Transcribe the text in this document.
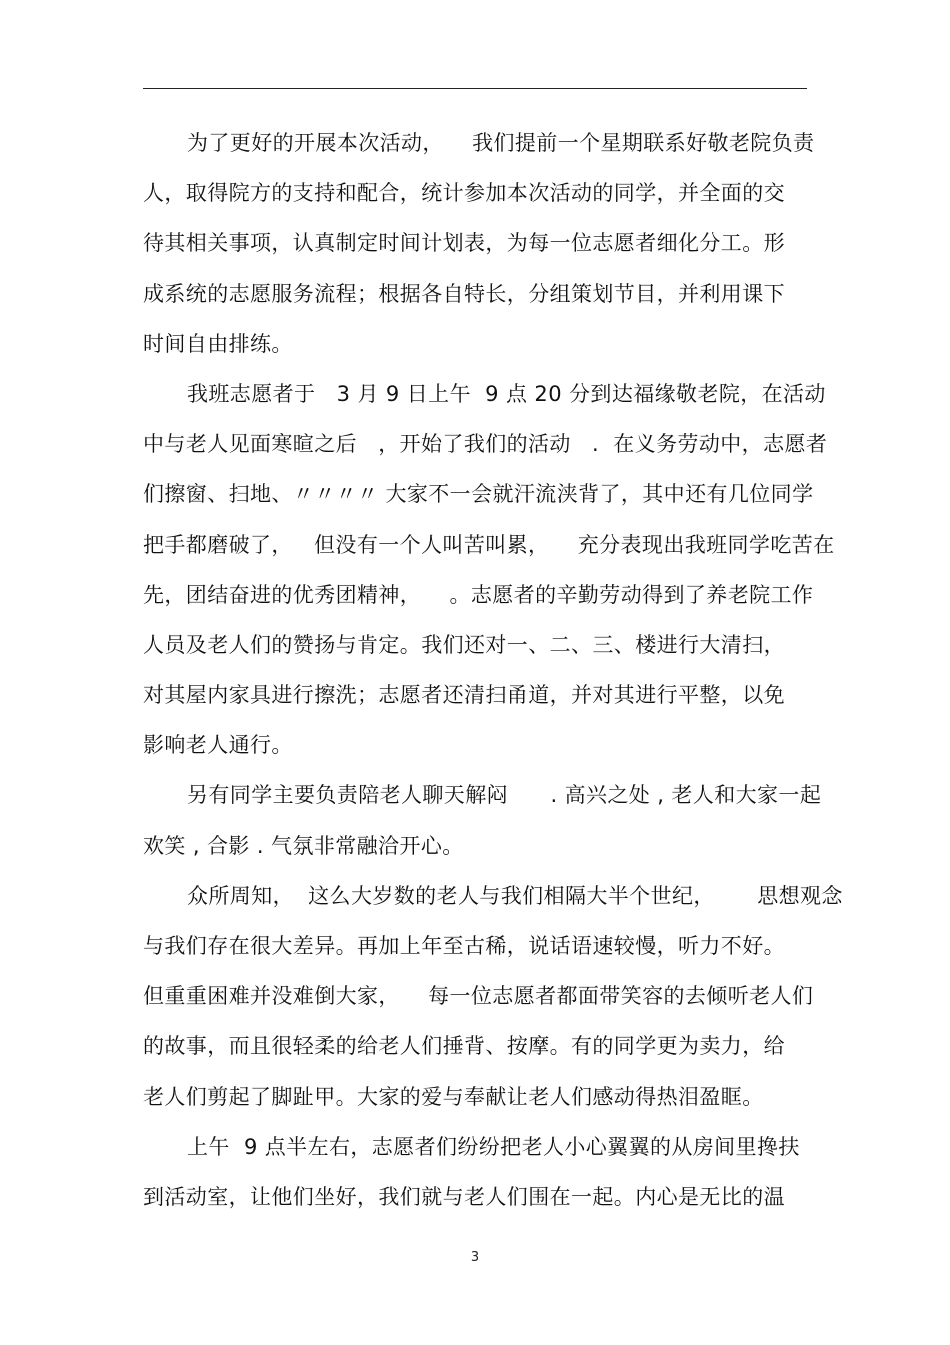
为了更好的开展本次活动，    我们提前一个星期联系好敬老院负责
人，取得院方的支持和配合，统计参加本次活动的同学，并全面的交
待其相关事项，认真制定时间计划表，为每一位志愿者细化分工。形
成系统的志愿服务流程；根据各自特长，分组策划节目，并利用课下
时间自由排练。
我班志愿者于   3 月 9 日上午  9 点 20 分到达福缘敬老院，在活动
中与老人见面寒暄之后   ，开始了我们的活动   .  在义务劳动中，志愿者
们擦窗、扫地、〃〃〃〃 大家不一会就汗流浃背了，其中还有几位同学
把手都磨破了，   但没有一个人叫苦叫累，    充分表现出我班同学吃苦在
先，团结奋进的优秀团精神，    。志愿者的辛勤劳动得到了养老院工作
人员及老人们的赞扬与肯定。我们还对一、二、三、楼进行大清扫，
对其屋内家具进行擦洗；志愿者还清扫甬道，并对其进行平整，以免
影响老人通行。
另有同学主要负责陪老人聊天解闷      . 高兴之处 , 老人和大家一起
欢笑 , 合影 . 气氛非常融洽开心。
众所周知，  这么大岁数的老人与我们相隔大半个世纪，      思想观念
与我们存在很大差异。再加上年至古稀，说话语速较慢，听力不好。
但重重困难并没难倒大家，    每一位志愿者都面带笑容的去倾听老人们
的故事，而且很轻柔的给老人们捶背、按摩。有的同学更为卖力，给
老人们剪起了脚趾甲。大家的爱与奉献让老人们感动得热泪盈眶。
上午  9 点半左右，志愿者们纷纷把老人小心翼翼的从房间里搀扶
到活动室，让他们坐好，我们就与老人们围在一起。内心是无比的温
3
